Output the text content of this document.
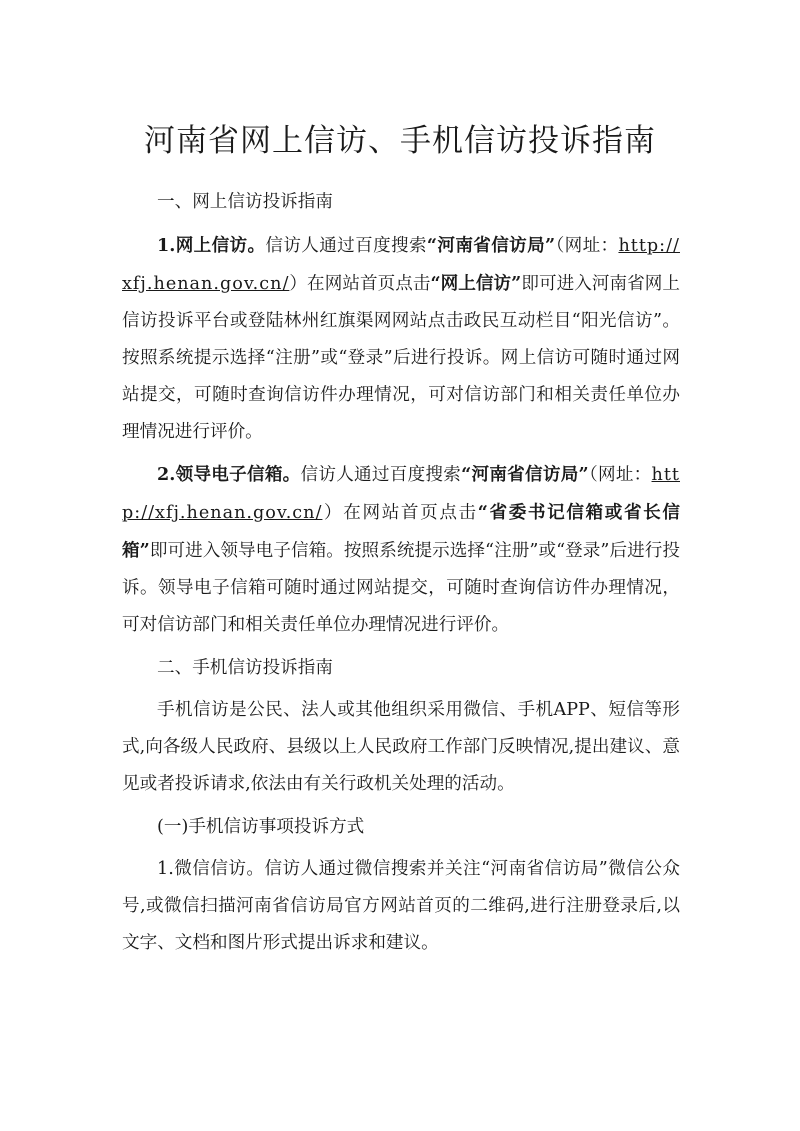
河南省网上信访、手机信访投诉指南

一、网上信访投诉指南

1.网上信访。信访人通过百度搜索“河南省信访局”（网址：http://xfj.henan.gov.cn/）在网站首页点击“网上信访”即可进入河南省网上信访投诉平台或登陆林州红旗渠网网站点击政民互动栏目“阳光信访”。按照系统提示选择“注册”或“登录”后进行投诉。网上信访可随时通过网站提交，可随时查询信访件办理情况，可对信访部门和相关责任单位办理情况进行评价。

2.领导电子信箱。信访人通过百度搜索“河南省信访局”（网址：http://xfj.henan.gov.cn/）在网站首页点击“省委书记信箱或省长信箱”即可进入领导电子信箱。按照系统提示选择“注册”或“登录”后进行投诉。领导电子信箱可随时通过网站提交，可随时查询信访件办理情况，可对信访部门和相关责任单位办理情况进行评价。

二、手机信访投诉指南

手机信访是公民、法人或其他组织采用微信、手机APP、短信等形式,向各级人民政府、县级以上人民政府工作部门反映情况,提出建议、意见或者投诉请求,依法由有关行政机关处理的活动。

(一)手机信访事项投诉方式

1.微信信访。信访人通过微信搜索并关注“河南省信访局”微信公众号,或微信扫描河南省信访局官方网站首页的二维码,进行注册登录后,以文字、文档和图片形式提出诉求和建议。
